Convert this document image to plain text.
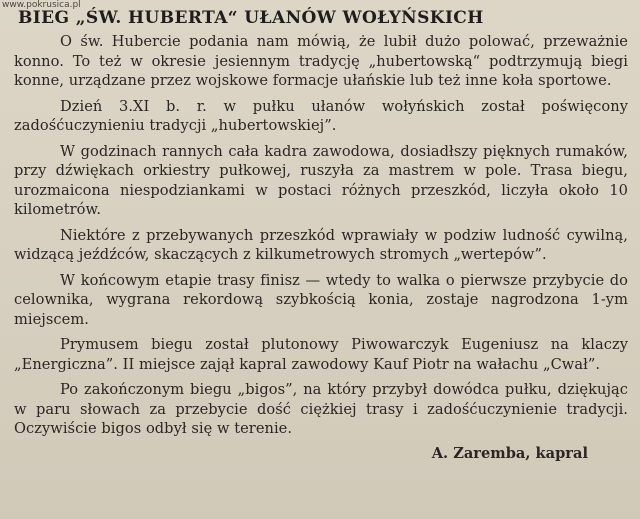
www.pokrusica.pl
BIEG „ŚW. HUBERTA“ UŁANÓW WOŁYŃSKICH

O św. Hubercie podania nam mówią, że lubił dużo polować, przeważnie konno. To też w okresie jesiennym tradycję „hubertowską“ podtrzymują biegi konne, urządzane przez wojskowe formacje ułańskie lub też inne koła sportowe.

Dzień 3.XI b. r. w pułku ułanów wołyńskich został poświęcony zadośćuczynieniu tradycji „hubertowskiej”.

W godzinach rannych cała kadra zawodowa, dosiadłszy pięknych rumaków, przy dźwiękach orkiestry pułkowej, ruszyła za mastrem w pole. Trasa biegu, urozmaicona niespodziankami w postaci różnych przeszkód, liczyła około 10 kilometrów.

Niektóre z przebywanych przeszkód wprawiały w podziw ludność cywilną, widzącą jeźdźców, skaczących z kilkumetrowych stromych „wertepów”.

W końcowym etapie trasy finisz — wtedy to walka o pierwsze przybycie do celownika, wygrana rekordową szybkością konia, zostaje nagrodzona 1-ym miejscem.

Prymusem biegu został plutonowy Piwowarczyk Eugeniusz na klaczy „Energiczna”. II miejsce zajął kapral zawodowy Kauf Piotr na wałachu „Cwał”.

Po zakończonym biegu „bigos”, na który przybył dowódca pułku, dziękując w paru słowach za przebycie dość ciężkiej trasy i zadośćuczynienie tradycji. Oczywiście bigos odbył się w terenie.

A. Zaremba, kapral
